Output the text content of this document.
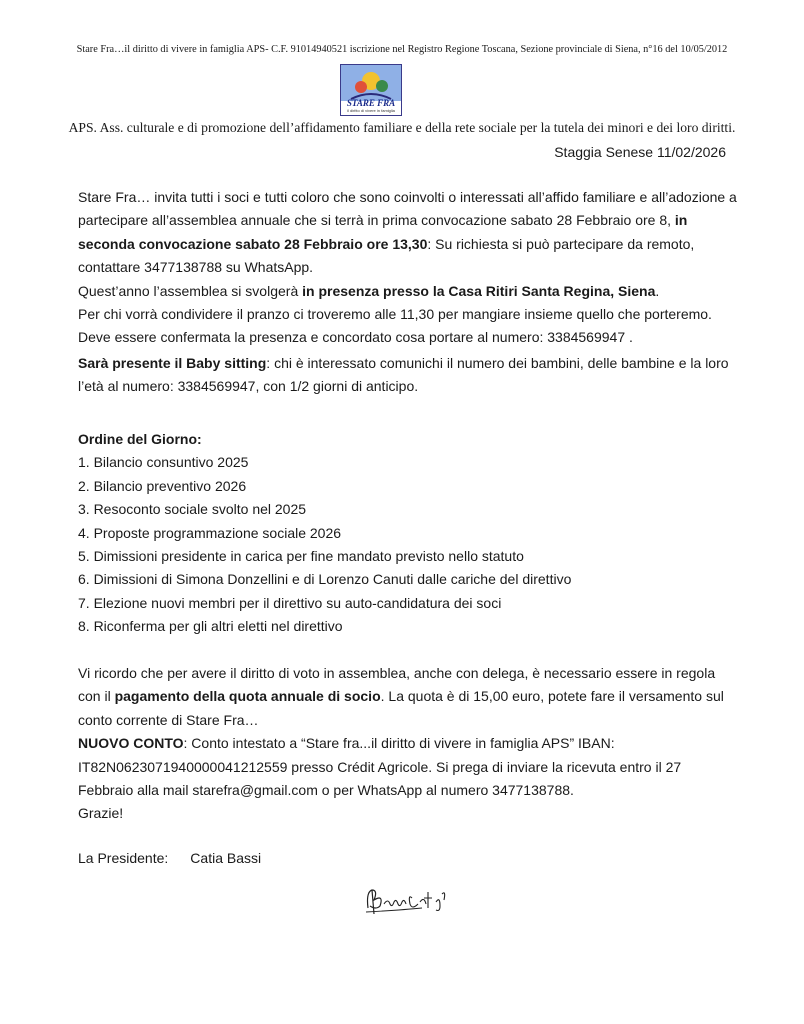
Stare Fra…il diritto di vivere in famiglia APS- C.F. 91014940521 iscrizione nel Registro Regione Toscana, Sezione provinciale di Siena, n°16 del 10/05/2012
STARE FRA
il diritto di vivere in famiglia
APS. Ass. culturale e di promozione dell’affidamento familiare e della rete sociale per la tutela dei minori e dei loro diritti.
Staggia Senese 11/02/2026

Stare Fra… invita tutti i soci e tutti coloro che sono coinvolti o interessati all’affido familiare e all’adozione a partecipare all’assemblea annuale che si terrà in prima convocazione sabato 28 Febbraio ore 8, in seconda convocazione sabato 28 Febbraio ore 13,30: Su richiesta si può partecipare da remoto, contattare 3477138788 su WhatsApp.

Quest’anno l’assemblea si svolgerà in presenza presso la Casa Ritiri Santa Regina, Siena.

Per chi vorrà condividere il pranzo ci troveremo alle 11,30 per mangiare insieme quello che porteremo.

Deve essere confermata la presenza e concordato cosa portare al numero: 3384569947 .

Sarà presente il Baby sitting: chi è interessato comunichi il numero dei bambini, delle bambine e la loro l’età al numero: 3384569947, con 1/2 giorni di anticipo.

Ordine del Giorno:

1. Bilancio consuntivo 2025

2. Bilancio preventivo 2026

3. Resoconto sociale svolto nel 2025

4. Proposte programmazione sociale 2026

5. Dimissioni presidente in carica per fine mandato previsto nello statuto

6. Dimissioni di Simona Donzellini e di Lorenzo Canuti dalle cariche del direttivo

7. Elezione nuovi membri per il direttivo su auto-candidatura dei soci

8. Riconferma per gli altri eletti nel direttivo

Vi ricordo che per avere il diritto di voto in assemblea, anche con delega, è necessario essere in regola con il pagamento della quota annuale di socio. La quota è di 15,00 euro, potete fare il versamento sul conto corrente di Stare Fra…

NUOVO CONTO: Conto intestato a “Stare fra...il diritto di vivere in famiglia APS” IBAN: IT82N0623071940000041212559 presso Crédit Agricole. Si prega di inviare la ricevuta entro il 27 Febbraio alla mail starefra@gmail.com o per WhatsApp al numero 3477138788.

Grazie!

La Presidente: Catia Bassi
